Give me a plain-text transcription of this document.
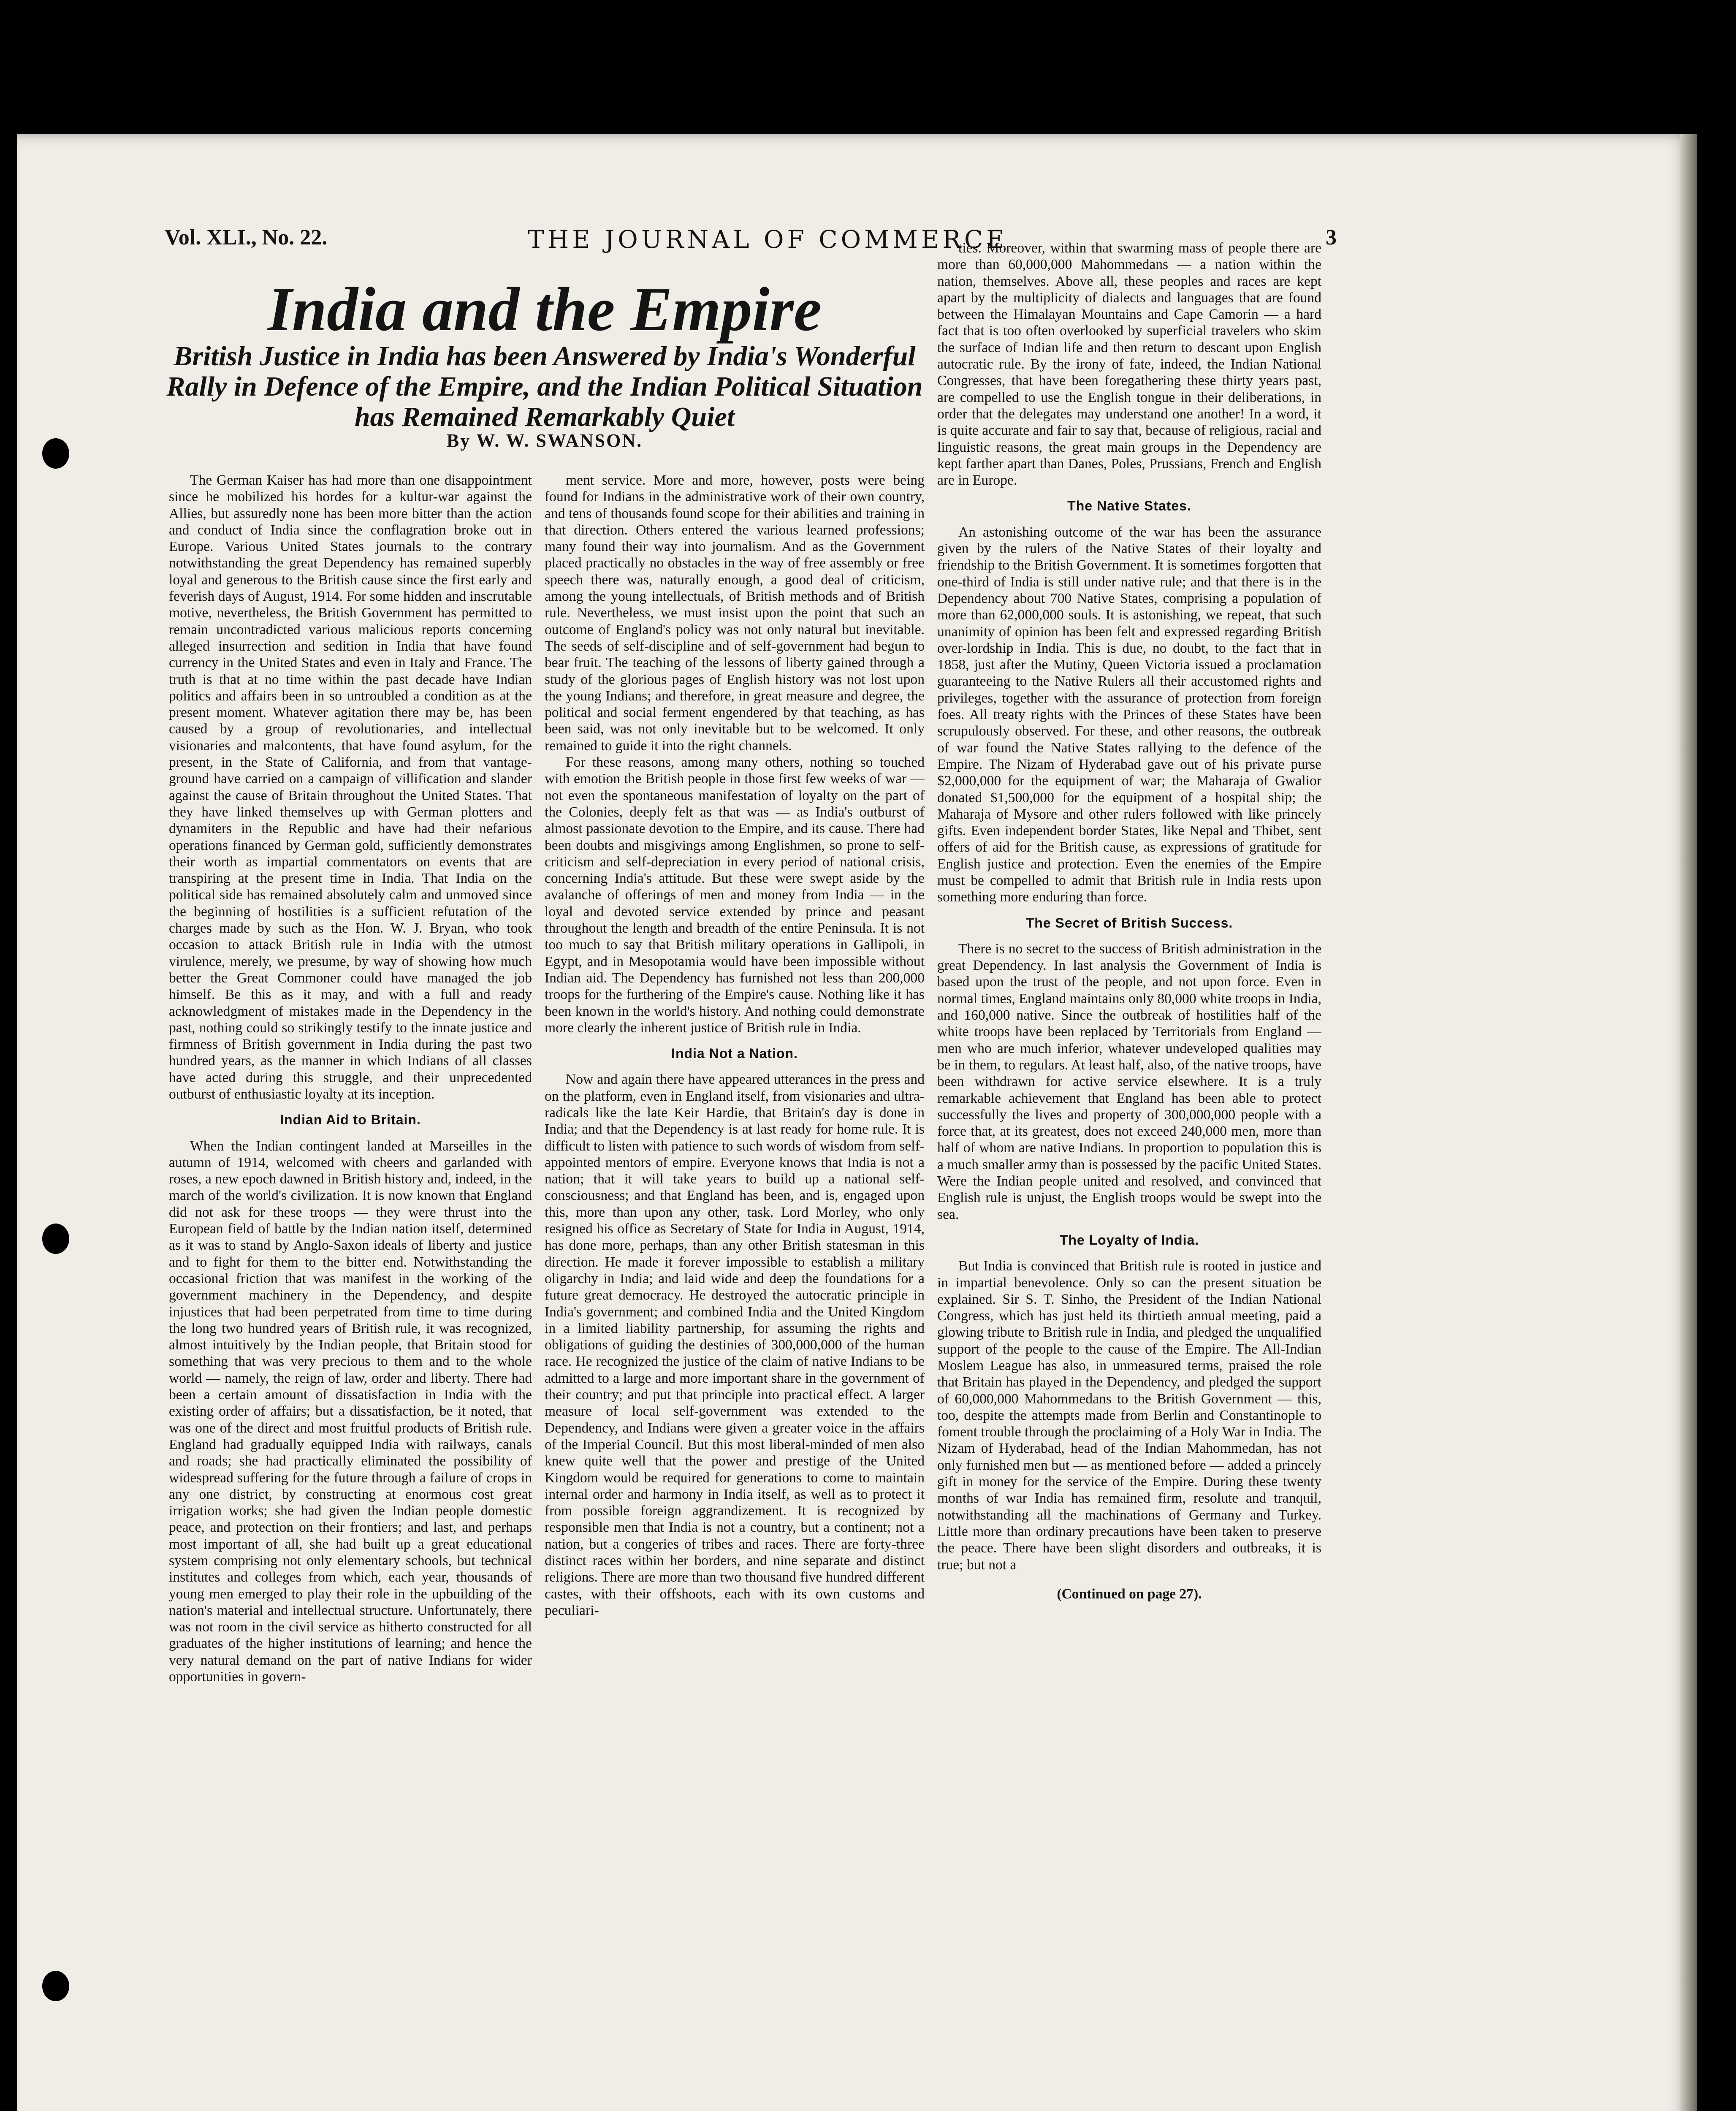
Vol. XLI., No. 22.	THE JOURNAL OF COMMERCE	3
India and the Empire
British Justice in India has been Answered by India's Wonderful Rally in Defence of the Empire, and the Indian Political Situation has Remained Remarkably Quiet
By W. W. SWANSON.

The German Kaiser has had more than one disappointment since he mobilized his hordes for a kultur-war against the Allies, but assuredly none has been more bitter than the action and conduct of India since the conflagration broke out in Europe. Various United States journals to the contrary notwithstanding the great Dependency has remained superbly loyal and generous to the British cause since the first early and feverish days of August, 1914. For some hidden and inscrutable motive, nevertheless, the British Government has permitted to remain uncontradicted various malicious reports concerning alleged insurrection and sedition in India that have found currency in the United States and even in Italy and France. The truth is that at no time within the past decade have Indian politics and affairs been in so untroubled a condition as at the present moment. Whatever agitation there may be, has been caused by a group of revolutionaries, and intellectual visionaries and malcontents, that have found asylum, for the present, in the State of California, and from that vantage-ground have carried on a campaign of villification and slander against the cause of Britain throughout the United States. That they have linked themselves up with German plotters and dynamiters in the Republic and have had their nefarious operations financed by German gold, sufficiently demonstrates their worth as impartial commentators on events that are transpiring at the present time in India. That India on the political side has remained absolutely calm and unmoved since the beginning of hostilities is a sufficient refutation of the charges made by such as the Hon. W. J. Bryan, who took occasion to attack British rule in India with the utmost virulence, merely, we presume, by way of showing how much better the Great Commoner could have managed the job himself. Be this as it may, and with a full and ready acknowledgment of mistakes made in the Dependency in the past, nothing could so strikingly testify to the innate justice and firmness of British government in India during the past two hundred years, as the manner in which Indians of all classes have acted during this struggle, and their unprecedented outburst of enthusiastic loyalty at its inception.

Indian Aid to Britain.

When the Indian contingent landed at Marseilles in the autumn of 1914, welcomed with cheers and garlanded with roses, a new epoch dawned in British history and, indeed, in the march of the world's civilization. It is now known that England did not ask for these troops — they were thrust into the European field of battle by the Indian nation itself, determined as it was to stand by Anglo-Saxon ideals of liberty and justice and to fight for them to the bitter end. Notwithstanding the occasional friction that was manifest in the working of the government machinery in the Dependency, and despite injustices that had been perpetrated from time to time during the long two hundred years of British rule, it was recognized, almost intuitively by the Indian people, that Britain stood for something that was very precious to them and to the whole world — namely, the reign of law, order and liberty. There had been a certain amount of dissatisfaction in India with the existing order of affairs; but a dissatisfaction, be it noted, that was one of the direct and most fruitful products of British rule. England had gradually equipped India with railways, canals and roads; she had practically eliminated the possibility of widespread suffering for the future through a failure of crops in any one district, by constructing at enormous cost great irrigation works; she had given the Indian people domestic peace, and protection on their frontiers; and last, and perhaps most important of all, she had built up a great educational system comprising not only elementary schools, but technical institutes and colleges from which, each year, thousands of young men emerged to play their role in the upbuilding of the nation's material and intellectual structure. Unfortunately, there was not room in the civil service as hitherto constructed for all graduates of the higher institutions of learning; and hence the very natural demand on the part of native Indians for wider opportunities in govern-

ment service. More and more, however, posts were being found for Indians in the administrative work of their own country, and tens of thousands found scope for their abilities and training in that direction. Others entered the various learned professions; many found their way into journalism. And as the Government placed practically no obstacles in the way of free assembly or free speech there was, naturally enough, a good deal of criticism, among the young intellectuals, of British methods and of British rule. Nevertheless, we must insist upon the point that such an outcome of England's policy was not only natural but inevitable. The seeds of self-discipline and of self-government had begun to bear fruit. The teaching of the lessons of liberty gained through a study of the glorious pages of English history was not lost upon the young Indians; and therefore, in great measure and degree, the political and social ferment engendered by that teaching, as has been said, was not only inevitable but to be welcomed. It only remained to guide it into the right channels.

For these reasons, among many others, nothing so touched with emotion the British people in those first few weeks of war — not even the spontaneous manifestation of loyalty on the part of the Colonies, deeply felt as that was — as India's outburst of almost passionate devotion to the Empire, and its cause. There had been doubts and misgivings among Englishmen, so prone to self-criticism and self-depreciation in every period of national crisis, concerning India's attitude. But these were swept aside by the avalanche of offerings of men and money from India — in the loyal and devoted service extended by prince and peasant throughout the length and breadth of the entire Peninsula. It is not too much to say that British military operations in Gallipoli, in Egypt, and in Mesopotamia would have been impossible without Indian aid. The Dependency has furnished not less than 200,000 troops for the furthering of the Empire's cause. Nothing like it has been known in the world's history. And nothing could demonstrate more clearly the inherent justice of British rule in India.

India Not a Nation.

Now and again there have appeared utterances in the press and on the platform, even in England itself, from visionaries and ultra-radicals like the late Keir Hardie, that Britain's day is done in India; and that the Dependency is at last ready for home rule. It is difficult to listen with patience to such words of wisdom from self-appointed mentors of empire. Everyone knows that India is not a nation; that it will take years to build up a national self-consciousness; and that England has been, and is, engaged upon this, more than upon any other, task. Lord Morley, who only resigned his office as Secretary of State for India in August, 1914, has done more, perhaps, than any other British statesman in this direction. He made it forever impossible to establish a military oligarchy in India; and laid wide and deep the foundations for a future great democracy. He destroyed the autocratic principle in India's government; and combined India and the United Kingdom in a limited liability partnership, for assuming the rights and obligations of guiding the destinies of 300,000,000 of the human race. He recognized the justice of the claim of native Indians to be admitted to a large and more important share in the government of their country; and put that principle into practical effect. A larger measure of local self-government was extended to the Dependency, and Indians were given a greater voice in the affairs of the Imperial Council. But this most liberal-minded of men also knew quite well that the power and prestige of the United Kingdom would be required for generations to come to maintain internal order and harmony in India itself, as well as to protect it from possible foreign aggrandizement. It is recognized by responsible men that India is not a country, but a continent; not a nation, but a congeries of tribes and races. There are forty-three distinct races within her borders, and nine separate and distinct religions. There are more than two thousand five hundred different castes, with their offshoots, each with its own customs and peculiari-

ties. Moreover, within that swarming mass of people there are more than 60,000,000 Mahommedans — a nation within the nation, themselves. Above all, these peoples and races are kept apart by the multiplicity of dialects and languages that are found between the Himalayan Mountains and Cape Camorin — a hard fact that is too often overlooked by superficial travelers who skim the surface of Indian life and then return to descant upon English autocratic rule. By the irony of fate, indeed, the Indian National Congresses, that have been foregathering these thirty years past, are compelled to use the English tongue in their deliberations, in order that the delegates may understand one another! In a word, it is quite accurate and fair to say that, because of religious, racial and linguistic reasons, the great main groups in the Dependency are kept farther apart than Danes, Poles, Prussians, French and English are in Europe.

The Native States.

An astonishing outcome of the war has been the assurance given by the rulers of the Native States of their loyalty and friendship to the British Government. It is sometimes forgotten that one-third of India is still under native rule; and that there is in the Dependency about 700 Native States, comprising a population of more than 62,000,000 souls. It is astonishing, we repeat, that such unanimity of opinion has been felt and expressed regarding British over-lordship in India. This is due, no doubt, to the fact that in 1858, just after the Mutiny, Queen Victoria issued a proclamation guaranteeing to the Native Rulers all their accustomed rights and privileges, together with the assurance of protection from foreign foes. All treaty rights with the Princes of these States have been scrupulously observed. For these, and other reasons, the outbreak of war found the Native States rallying to the defence of the Empire. The Nizam of Hyderabad gave out of his private purse $2,000,000 for the equipment of war; the Maharaja of Gwalior donated $1,500,000 for the equipment of a hospital ship; the Maharaja of Mysore and other rulers followed with like princely gifts. Even independent border States, like Nepal and Thibet, sent offers of aid for the British cause, as expressions of gratitude for English justice and protection. Even the enemies of the Empire must be compelled to admit that British rule in India rests upon something more enduring than force.

The Secret of British Success.

There is no secret to the success of British administration in the great Dependency. In last analysis the Government of India is based upon the trust of the people, and not upon force. Even in normal times, England maintains only 80,000 white troops in India, and 160,000 native. Since the outbreak of hostilities half of the white troops have been replaced by Territorials from England — men who are much inferior, whatever undeveloped qualities may be in them, to regulars. At least half, also, of the native troops, have been withdrawn for active service elsewhere. It is a truly remarkable achievement that England has been able to protect successfully the lives and property of 300,000,000 people with a force that, at its greatest, does not exceed 240,000 men, more than half of whom are native Indians. In proportion to population this is a much smaller army than is possessed by the pacific United States. Were the Indian people united and resolved, and convinced that English rule is unjust, the English troops would be swept into the sea.

The Loyalty of India.

But India is convinced that British rule is rooted in justice and in impartial benevolence. Only so can the present situation be explained. Sir S. T. Sinho, the President of the Indian National Congress, which has just held its thirtieth annual meeting, paid a glowing tribute to British rule in India, and pledged the unqualified support of the people to the cause of the Empire. The All-Indian Moslem League has also, in unmeasured terms, praised the role that Britain has played in the Dependency, and pledged the support of 60,000,000 Mahommedans to the British Government — this, too, despite the attempts made from Berlin and Constantinople to foment trouble through the proclaiming of a Holy War in India. The Nizam of Hyderabad, head of the Indian Mahommedan, has not only furnished men but — as mentioned before — added a princely gift in money for the service of the Empire. During these twenty months of war India has remained firm, resolute and tranquil, notwithstanding all the machinations of Germany and Turkey. Little more than ordinary precautions have been taken to preserve the peace. There have been slight disorders and outbreaks, it is true; but not a

(Continued on page 27).
